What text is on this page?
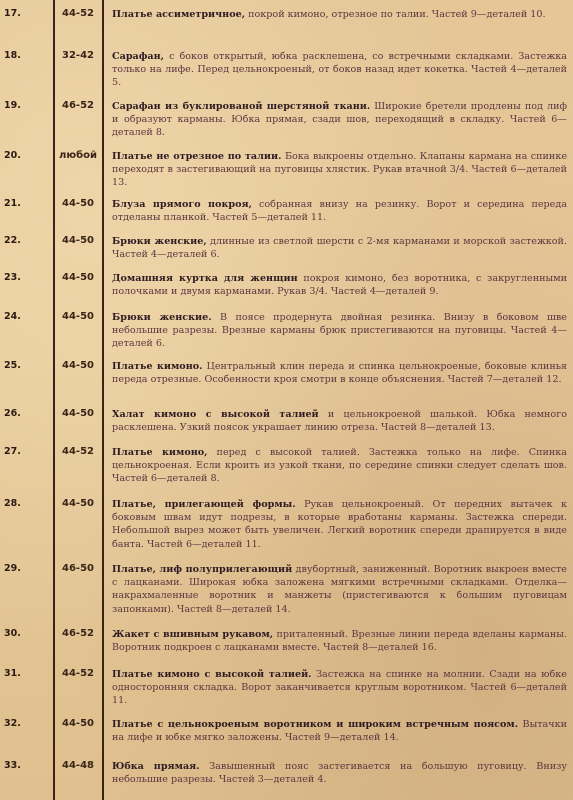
17.	44-52	Платье ассиметричное, покрой кимоно, отрезное по талии. Частей 9—деталей 10.
18.	32-42	Сарафан, с боков открытый, юбка расклешена, со встречными складками. Застежка только на лифе. Перед цельнокроеный, от боков назад идет кокетка. Частей 4—деталей 5.
19.	46-52	Сарафан из буклированой шерстяной ткани. Широкие бретели продлены под лиф и образуют карманы. Юбка прямая, сзади шов, переходящий в складку. Частей 6—деталей 8.
20.	любой	Платье не отрезное по талии. Бока выкроены отдельно. Клапаны кармана на спинке переходят в застегивающий на пуговицы хлястик. Рукав втачной 3/4. Частей 6—деталей 13.
21.	44-50	Блуза прямого покроя, собранная внизу на резинку. Ворот и середина переда отделаны планкой. Частей 5—деталей 11.
22.	44-50	Брюки женские, длинные из светлой шерсти с 2-мя карманами и морской застежкой. Частей 4—деталей 6.
23.	44-50	Домашняя куртка для женщин покроя кимоно, без воротника, с закругленными полочками и двумя карманами. Рукав 3/4. Частей 4—деталей 9.
24.	44-50	Брюки женские. В поясе продернута двойная резинка. Внизу в боковом шве небольшие разрезы. Врезные карманы брюк пристегиваются на пуговицы. Частей 4—деталей 6.
25.	44-50	Платье кимоно. Центральный клин переда и спинка цельнокроеные, боковые клинья переда отрезные. Особенности кроя смотри в конце объяснения. Частей 7—деталей 12.
26.	44-50	Халат кимоно с высокой талией и цельнокроеной шалькой. Юбка немного расклешена. Узкий поясок украшает линию отреза. Частей 8—деталей 13.
27.	44-52	Платье кимоно, перед с высокой талией. Застежка только на лифе. Спинка цельнокроеная. Если кроить из узкой ткани, по середине спинки следует сделать шов. Частей 6—деталей 8.
28.	44-50	Платье, прилегающей формы. Рукав цельнокроеный. От передних вытачек к боковым швам идут подрезы, в которые вработаны карманы. Застежка спереди. Небольшой вырез может быть увеличен. Легкий воротник спереди драпируется в виде банта. Частей 6—деталей 11.
29.	46-50	Платье, лиф полуприлегающий двубортный, заниженный. Воротник выкроен вместе с лацканами. Широкая юбка заложена мягкими встречными складками. Отделка—накрахмаленные воротник и манжеты (пристегиваются к большим пуговицам запонками). Частей 8—деталей 14.
30.	46-52	Жакет с вшивным рукавом, приталенный. Врезные линии переда вделаны карманы. Воротник подкроен с лацканами вместе. Частей 8—деталей 16.
31.	44-52	Платье кимоно с высокой талией. Застежка на спинке на молнии. Сзади на юбке односторонняя складка. Ворот заканчивается круглым воротником. Частей 6—деталей 11.
32.	44-50	Платье с цельнокроеным воротником и широким встречным поясом. Вытачки на лифе и юбке мягко заложены. Частей 9—деталей 14.
33.	44-48	Юбка прямая. Завышенный пояс застегивается на большую пуговицу. Внизу небольшие разрезы. Частей 3—деталей 4.
